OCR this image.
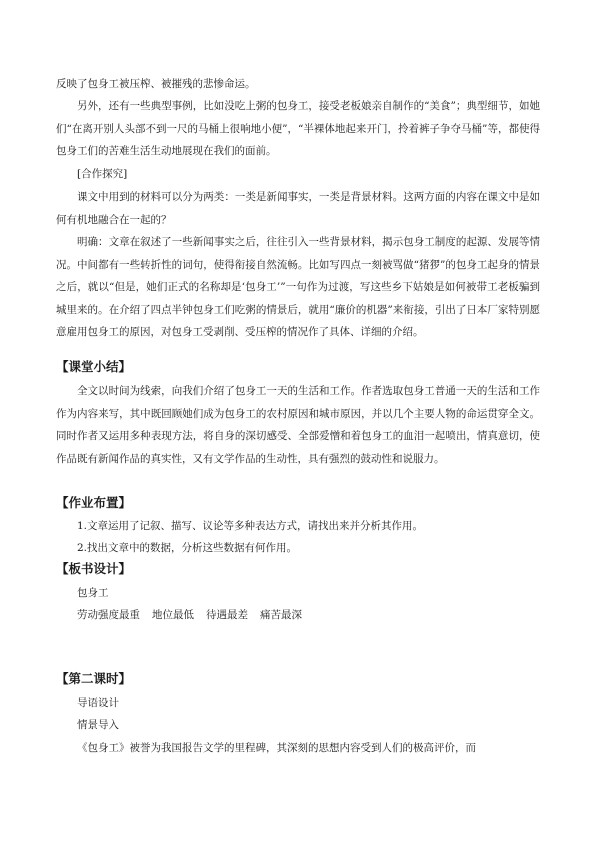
反映了包身工被压榨、被摧残的悲惨命运。

另外，还有一些典型事例，比如没吃上粥的包身工，接受老板娘亲自制作的“美食”；典型细节，如她们“在离开别人头部不到一尺的马桶上很响地小便”，“半裸体地起来开门，拎着裤子争夺马桶”等，都使得包身工们的苦难生活生动地展现在我们的面前。

[合作探究]

课文中用到的材料可以分为两类：一类是新闻事实，一类是背景材料。这两方面的内容在课文中是如何有机地融合在一起的？

明确：文章在叙述了一些新闻事实之后，往往引入一些背景材料，揭示包身工制度的起源、发展等情况。中间都有一些转折性的词句，使得衔接自然流畅。比如写四点一刻被骂做“猪猡”的包身工起身的情景之后，就以“但是，她们正式的名称却是‘包身工’”一句作为过渡，写这些乡下姑娘是如何被带工老板骗到城里来的。在介绍了四点半钟包身工们吃粥的情景后，就用“廉价的机器”来衔接，引出了日本厂家特别愿意雇用包身工的原因，对包身工受剥削、受压榨的情况作了具体、详细的介绍。

【课堂小结】

全文以时间为线索，向我们介绍了包身工一天的生活和工作。作者选取包身工普通一天的生活和工作作为内容来写，其中既回顾她们成为包身工的农村原因和城市原因，并以几个主要人物的命运贯穿全文。同时作者又运用多种表现方法，将自身的深切感受、全部爱憎和着包身工的血泪一起喷出，情真意切，使作品既有新闻作品的真实性，又有文学作品的生动性，具有强烈的鼓动性和说服力。

【作业布置】

1.文章运用了记叙、描写、议论等多种表达方式，请找出来并分析其作用。

2.找出文章中的数据，分析这些数据有何作用。

【板书设计】

包身工

劳动强度最重 地位最低 待遇最差 痛苦最深

【第二课时】

导语设计

情景导入

《包身工》被誉为我国报告文学的里程碑，其深刻的思想内容受到人们的极高评价，而
